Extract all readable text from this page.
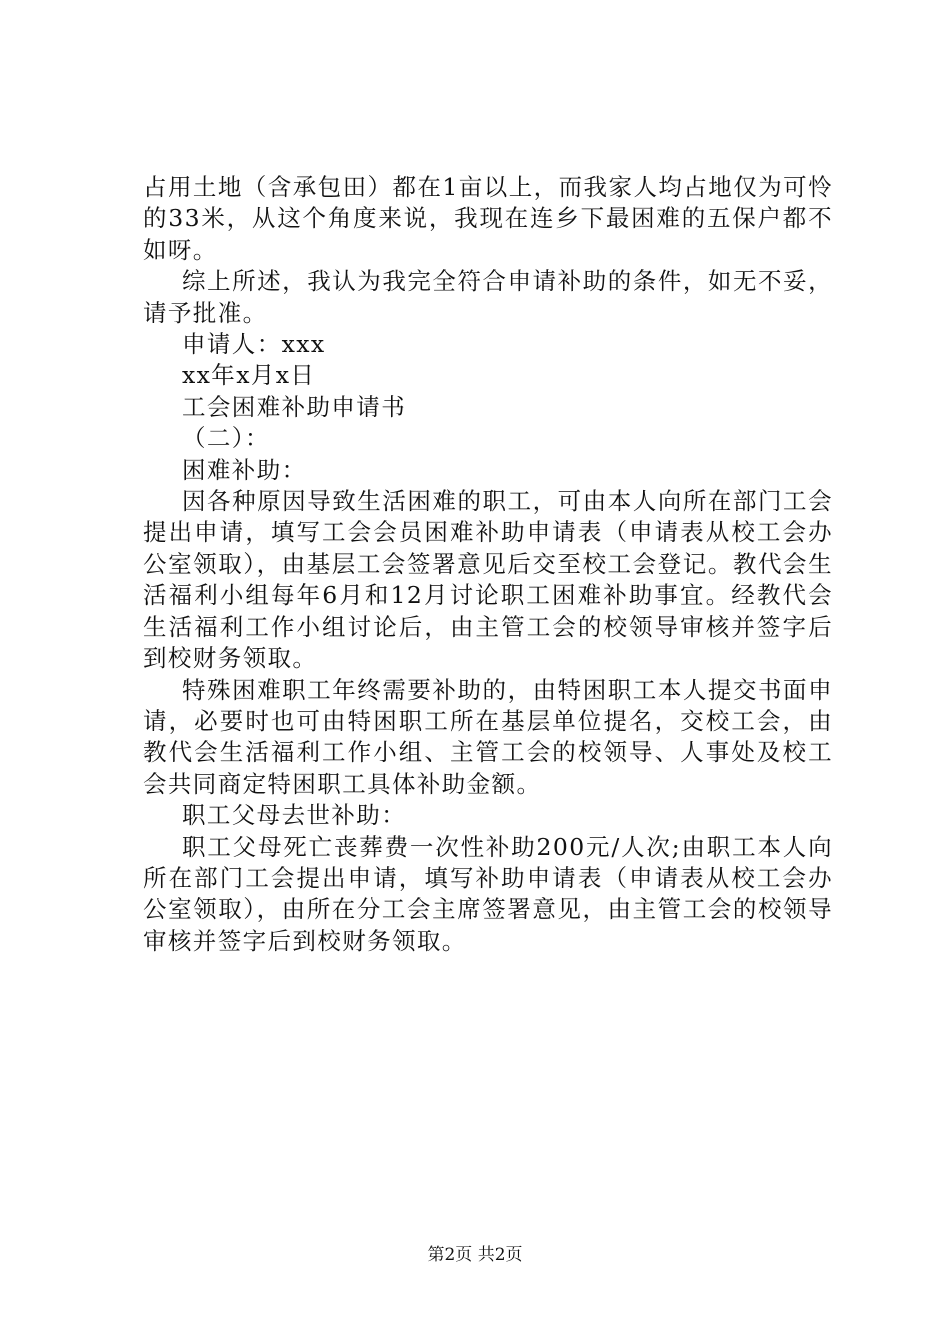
占用土地（含承包田）都在1亩以上，而我家人均占地仅为可怜的33米，从这个角度来说，我现在连乡下最困难的五保户都不如呀。

综上所述，我认为我完全符合申请补助的条件，如无不妥，请予批准。

申请人：xxx

xx年x月x日

工会困难补助申请书

（二）：

困难补助：

因各种原因导致生活困难的职工，可由本人向所在部门工会提出申请，填写工会会员困难补助申请表（申请表从校工会办公室领取），由基层工会签署意见后交至校工会登记。教代会生活福利小组每年6月和12月讨论职工困难补助事宜。经教代会生活福利工作小组讨论后，由主管工会的校领导审核并签字后到校财务领取。

特殊困难职工年终需要补助的，由特困职工本人提交书面申请，必要时也可由特困职工所在基层单位提名，交校工会，由教代会生活福利工作小组、主管工会的校领导、人事处及校工会共同商定特困职工具体补助金额。

职工父母去世补助：

职工父母死亡丧葬费一次性补助200元/人次;由职工本人向所在部门工会提出申请，填写补助申请表（申请表从校工会办公室领取），由所在分工会主席签署意见，由主管工会的校领导审核并签字后到校财务领取。

第2页 共2页
